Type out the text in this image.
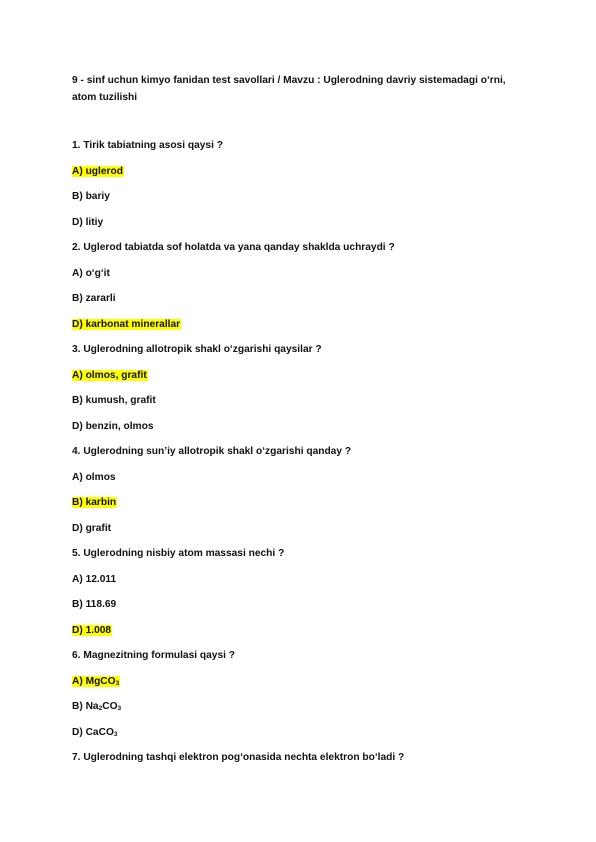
9 - sinf uchun kimyo fanidan test savollari / Mavzu : Uglerodning davriy sistemadagi o‘rni, atom tuzilishi
1. Tirik tabiatning asosi qaysi ?
A) uglerod
B) bariy
D) litiy
2. Uglerod tabiatda sof holatda va yana qanday shaklda uchraydi ?
A) o‘g‘it
B) zararli
D) karbonat minerallar
3. Uglerodning allotropik shakl o‘zgarishi qaysilar ?
A) olmos, grafit
B) kumush, grafit
D) benzin, olmos
4. Uglerodning sun’iy allotropik shakl o‘zgarishi qanday ?
A) olmos
B) karbin
D) grafit
5. Uglerodning nisbiy atom massasi nechi ?
A) 12.011
B) 118.69
D) 1.008
6. Magnezitning formulasi qaysi ?
A) MgCO$_3$
B) $Na_2CO_3$
D) CaCO$_3$
7. Uglerodning tashqi elektron pog‘onasida nechta elektron bo‘ladi ?
